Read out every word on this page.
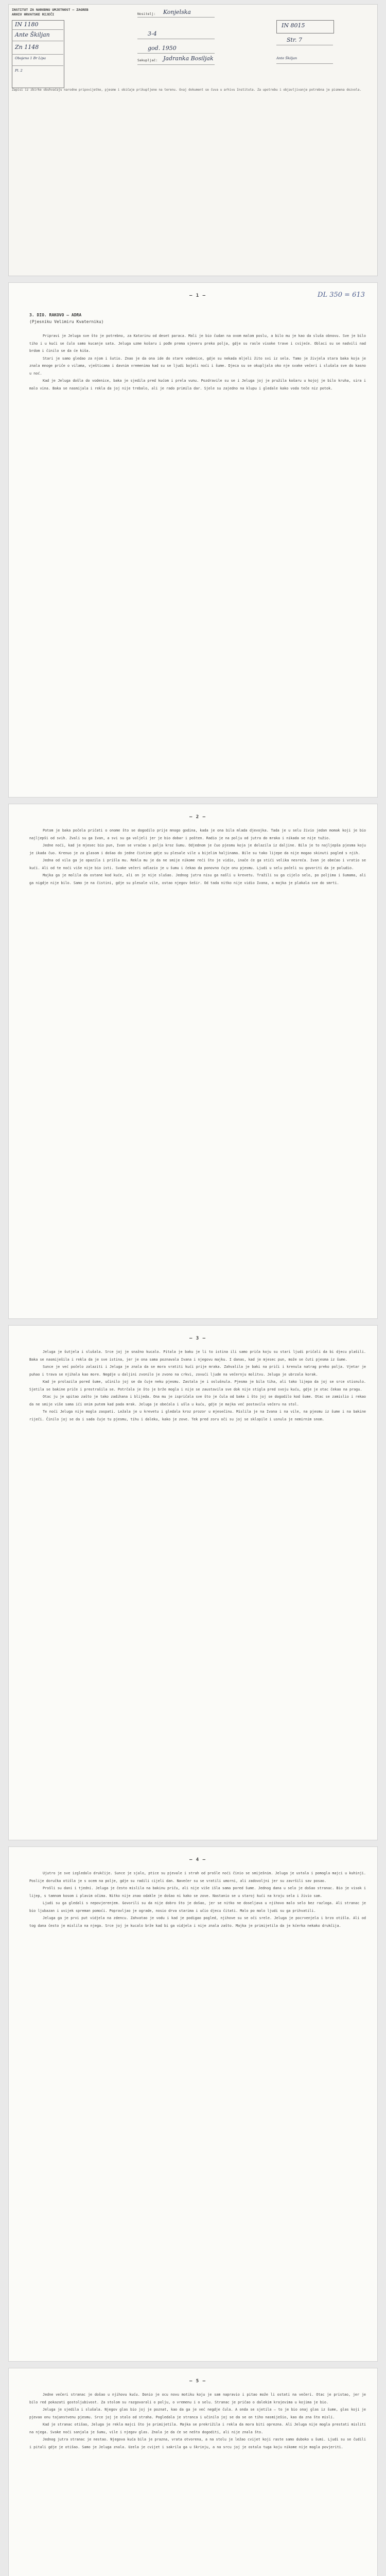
INSTITUT ZA NARODNU UMJETNOST — ZAGREB
ARHIV HRVATSKE RIJEČI
IN 1180
Ante Škiljan
Zn 1148
Obojeno 1 Br Lipa
Pl. 2
Nositelj: Konjelska
3-4
god. 1950
Sakupljač: Jadranka Bosiljak
IN 8015
Str. 7
Ante Škiljan
Zapisi iz zbirke obuhvaćaju narodne pripovijetke, pjesme i običaje prikupljene na terenu. Ovaj dokument se čuva u arhivu Instituta. Za upotrebu i objavljivanje potrebna je pismena dozvola.
— 1 —	DL 350 = 613
3. DIO. RAKOVO — ADRA
(Pjesniku Velimiru Kvaterniku)

Pripravi je Jeluga sve što je potrebno, za Katarinu od deset paraca. Mali je bio čudan na ovom malom poslu, a bilo mu je kao da sluša obnovu. Sve je bilo tiho i u kući se čulo samo kucanje sata. Jeluga uzme košaru i pođe prema sjeveru preko polja, gdje su rasle visoke trave i cvijeće. Oblaci su se nadvili nad brdom i činilo se da će kiša.

Stari je samo gledao za njom i šutio. Znao je da ona ide do stare vodenice, gdje su nekada mljeli žito svi iz sela. Tamo je živjela stara baka koja je znala mnoge priče o vilama, vješticama i davnim vremenima kad su se ljudi bojali noći i šume. Djeca su se okupljala oko nje svake večeri i slušala sve do kasno u noć.

Kad je Jeluga došla do vodenice, baka je sjedila pred kućom i prela vunu. Pozdravile su se i Jeluga joj je pružila košaru u kojoj je bilo kruha, sira i malo vina. Baka se nasmijala i rekla da joj nije trebalo, ali je rado primila dar. Sjele su zajedno na klupu i gledale kako voda teče niz potok.

— 2 —

Potom je baka počela pričati o onome što se dogodilo prije mnogo godina, kada je ona bila mlada djevojka. Tada je u selu živio jedan momak koji je bio najljepši od svih. Zvali su ga Ivan, a svi su ga voljeli jer je bio dobar i pošten. Radio je na polju od jutra do mraka i nikada se nije tužio.

Jedne noći, kad je mjesec bio pun, Ivan se vraćao s polja kroz šumu. Odjednom je čuo pjesmu koja je dolazila iz daljine. Bila je to najljepša pjesma koju je ikada čuo. Krenuo je za glasom i došao do jedne čistine gdje su plesale vile u bijelim haljinama. Bile su tako lijepe da nije mogao skinuti pogled s njih.

Jedna od vila ga je opazila i prišla mu. Rekla mu je da ne smije nikome reći što je vidio, inače će ga stići velika nesreća. Ivan je obećao i vratio se kući. Ali od te noći više nije bio isti. Svake večeri odlazio je u šumu i čekao da ponovno čuje onu pjesmu. Ljudi u selu počeli su govoriti da je poludio.

Majka ga je molila da ostane kod kuće, ali on je nije slušao. Jednog jutra nisu ga našli u krevetu. Tražili su ga cijelo selo, po poljima i šumama, ali ga nigdje nije bilo. Samo je na čistini, gdje su plesale vile, ostao njegov šešir. Od tada nitko nije vidio Ivana, a majka je plakala sve do smrti.

— 3 —

Jeluga je šutjela i slušala. Srce joj je snažno kucalo. Pitala je baku je li to istina ili samo priča koju su stari ljudi pričali da bi djecu plašili. Baka se nasmiješila i rekla da je sve istina, jer je ona sama poznavala Ivana i njegovu majku. I danas, kad je mjesec pun, može se čuti pjesma iz šume.

Sunce je već počelo zalaziti i Jeluga je znala da se mora vratiti kući prije mraka. Zahvalila je baki na priči i krenula natrag preko polja. Vjetar je puhao i trava se njihala kao more. Negdje u daljini zvonilo je zvono na crkvi, zovući ljude na večernju molitvu. Jeluga je ubrzala korak.

Kad je prolazila pored šume, učinilo joj se da čuje neku pjesmu. Zastala je i oslušnula. Pjesma je bila tiha, ali tako lijepa da joj se srce stisnulo. Sjetila se bakine priče i prestrašila se. Potrčala je što je brže mogla i nije se zaustavila sve dok nije stigla pred svoju kuću, gdje je otac čekao na pragu.

Otac ju je upitao zašto je tako zadihana i blijeda. Ona mu je ispričala sve što je čula od bake i što joj se dogodilo kod šume. Otac se zamislio i rekao da ne smije više sama ići onim putem kad pada mrak. Jeluga je obećala i ušla u kuću, gdje je majka već postavila večeru na stol.

Te noći Jeluga nije mogla zaspati. Ležala je u krevetu i gledala kroz prozor u mjesečinu. Mislila je na Ivana i na vile, na pjesmu iz šume i na bakine riječi. Činilo joj se da i sada čuje tu pjesmu, tihu i daleku, kako je zove. Tek pred zoru oči su joj se sklopile i usnula je nemirnim snom.

— 4 —

Ujutro je sve izgledalo drukčije. Sunce je sjalo, ptice su pjevale i strah od prošle noći činio se smiješnim. Jeluga je ustala i pomogla majci u kuhinji. Poslije doručka otišla je s ocem na polje, gdje su radili cijeli dan. Navečer su se vratili umorni, ali zadovoljni jer su završili sav posao.

Prošli su dani i tjedni. Jeluga je često mislila na bakinu priču, ali nije više išla sama pored šume. Jednog dana u selo je došao stranac. Bio je visok i lijep, s tamnom kosom i plavim očima. Nitko nije znao odakle je došao ni kako se zove. Nastanio se u staroj kući na kraju sela i živio sam.

Ljudi su ga gledali s nepovjerenjem. Govorili su da nije dobro što je došao, jer se nitko ne doseljava u njihovo malo selo bez razloga. Ali stranac je bio ljubazan i uvijek spreman pomoći. Popravljao je ograde, nosio drva starima i učio djecu čitati. Malo po malo ljudi su ga prihvatili.

Jeluga ga je prvi put vidjela na zdencu. Zahvatao je vodu i kad je podigao pogled, njihove su se oči srele. Jeluga je pocrvenjela i brzo otišla. Ali od tog dana često je mislila na njega. Srce joj je kucalo brže kad bi ga vidjela i nije znala zašto. Majka je primijetila da je kćerka nekako drukčija.

— 5 —

Jedne večeri stranac je došao u njihovu kuću. Donio je ocu novu motiku koju je sam napravio i pitao može li ostati na večeri. Otac je pristao, jer je bilo red pokazati gostoljubivost. Za stolom su razgovarali o polju, o vremenu i o selu. Stranac je pričao o dalekim krajevima u kojima je bio.

Jeluga je sjedila i slušala. Njegov glas bio joj je poznat, kao da ga je već negdje čula. A onda se sjetila — to je bio onaj glas iz šume, glas koji je pjevao onu tajanstvenu pjesmu. Srce joj je stalo od straha. Pogledala je stranca i učinilo joj se da se on tiho nasmiješio, kao da zna što misli.

Kad je stranac otišao, Jeluga je rekla majci što je primijetila. Majka se prekrižila i rekla da mora biti oprezna. Ali Jeluga nije mogla prestati misliti na njega. Svake noći sanjala je šumu, vile i njegov glas. Znala je da će se nešto dogoditi, ali nije znala što.

Jednog jutra stranac je nestao. Njegova kuća bila je prazna, vrata otvorena, a na stolu je ležao cvijet koji raste samo duboko u šumi. Ljudi su se čudili i pitali gdje je otišao. Samo je Jeluga znala. Uzela je cvijet i sakrila ga u škrinju, a na srcu joj je ostala tuga koju nikome nije mogla povjeriti.
